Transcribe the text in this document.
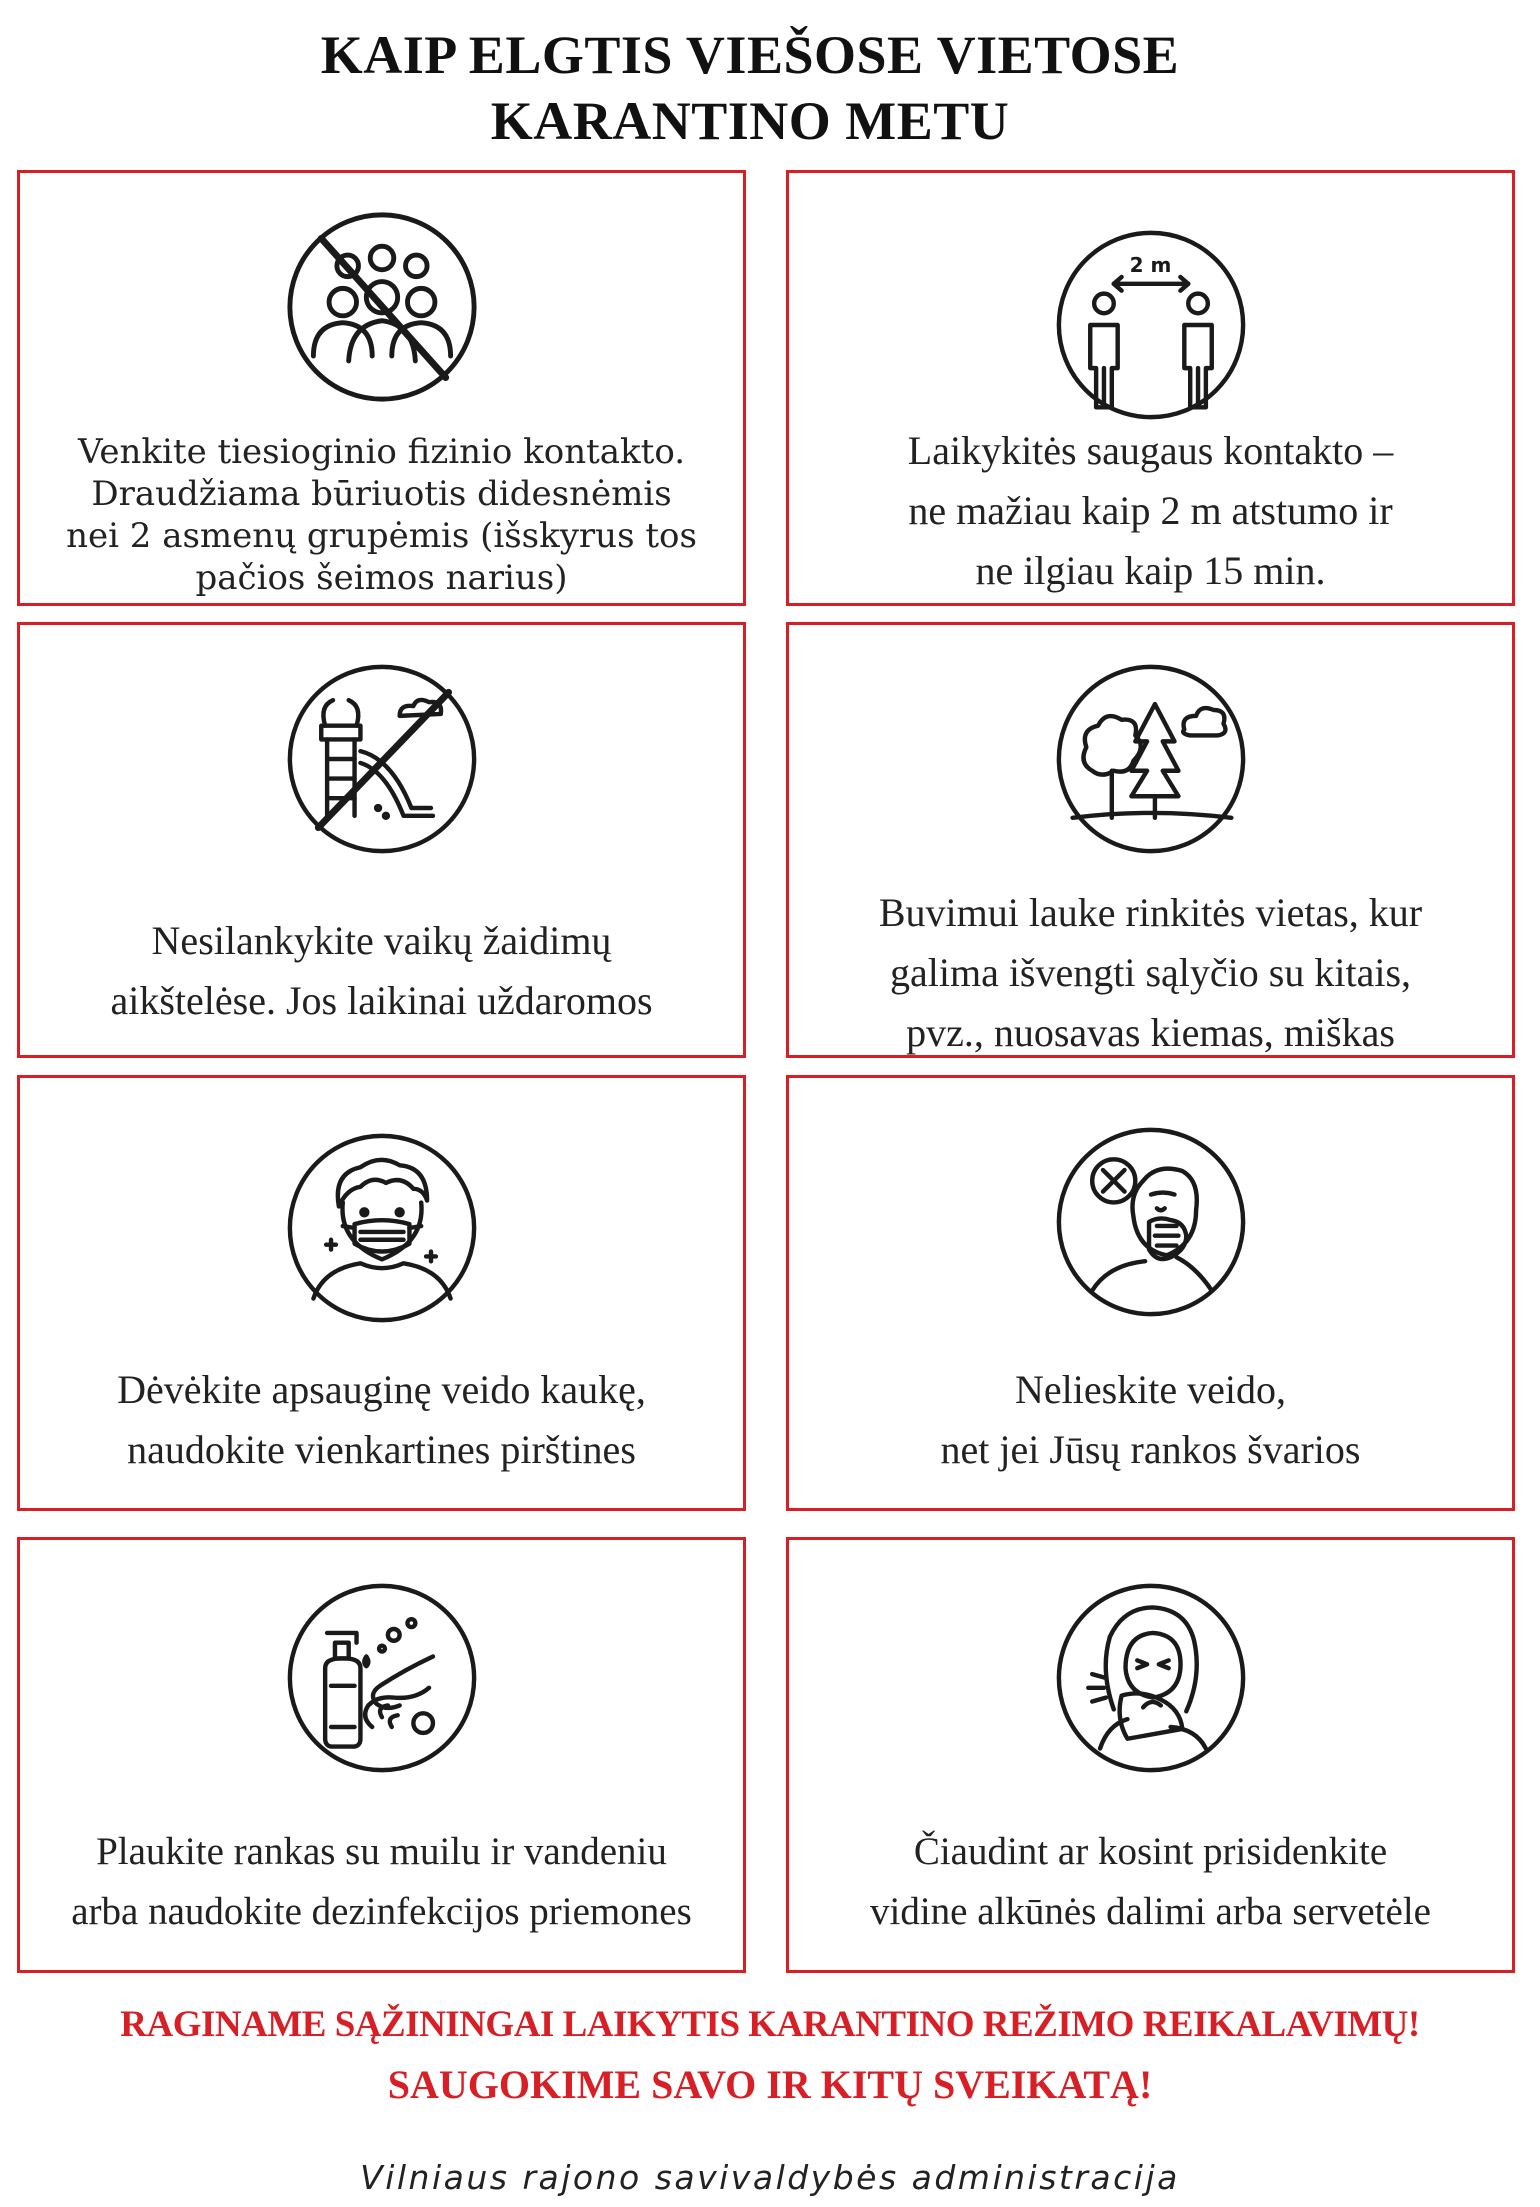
KAIP ELGTIS VIEŠOSE VIETOSE
KARANTINO METU
Venkite tiesioginio fizinio kontakto.
Draudžiama būriuotis didesnėmis
nei 2 asmenų grupėmis (išskyrus tos
pačios šeimos narius)
2 m
Laikykitės saugaus kontakto –
ne mažiau kaip 2 m atstumo ir
ne ilgiau kaip 15 min.
Nesilankykite vaikų žaidimų
aikštelėse. Jos laikinai uždaromos
Buvimui lauke rinkitės vietas, kur
galima išvengti sąlyčio su kitais,
pvz., nuosavas kiemas, miškas
Dėvėkite apsauginę veido kaukę,
naudokite vienkartines pirštines
Nelieskite veido,
net jei Jūsų rankos švarios
Plaukite rankas su muilu ir vandeniu
arba naudokite dezinfekcijos priemones
Čiaudint ar kosint prisidenkite
vidine alkūnės dalimi arba servetėle
RAGINAME SĄŽININGAI LAIKYTIS KARANTINO REŽIMO REIKALAVIMŲ!
SAUGOKIME SAVO IR KITŲ SVEIKATĄ!
Vilniaus rajono savivaldybės administracija
